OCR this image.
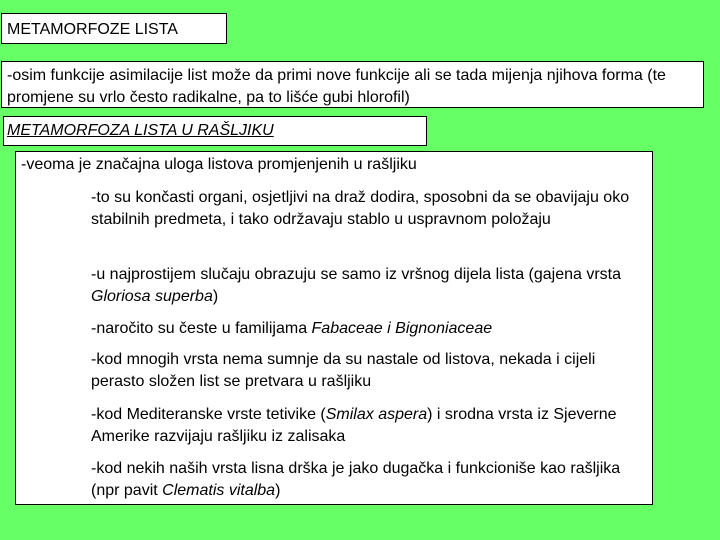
METAMORFOZE LISTA
-osim funkcije asimilacije list može da primi nove funkcije ali se tada mijenja njihova forma (te promjene su vrlo često radikalne, pa to lišće gubi hlorofil)
METAMORFOZA LISTA U RAŠLJIKU
-veoma je značajna uloga listova promjenjenih u rašljiku
-to su končasti organi, osjetljivi na draž dodira, sposobni da se obavijaju oko stabilnih predmeta, i tako održavaju stablo u uspravnom položaju
-u najprostijem slučaju obrazuju se samo iz vršnog dijela lista (gajena vrsta Gloriosa superba)
-naročito su česte u familijama Fabaceae i Bignoniaceae
-kod mnogih vrsta nema sumnje da su nastale od listova, nekada i cijeli perasto složen list se pretvara u rašljiku
-kod Mediteranske vrste tetivike (Smilax aspera) i srodna vrsta iz Sjeverne Amerike razvijaju rašljiku iz zalisaka
-kod nekih naših vrsta lisna drška je jako dugačka i funkcioniše kao rašljika (npr pavit Clematis vitalba)
